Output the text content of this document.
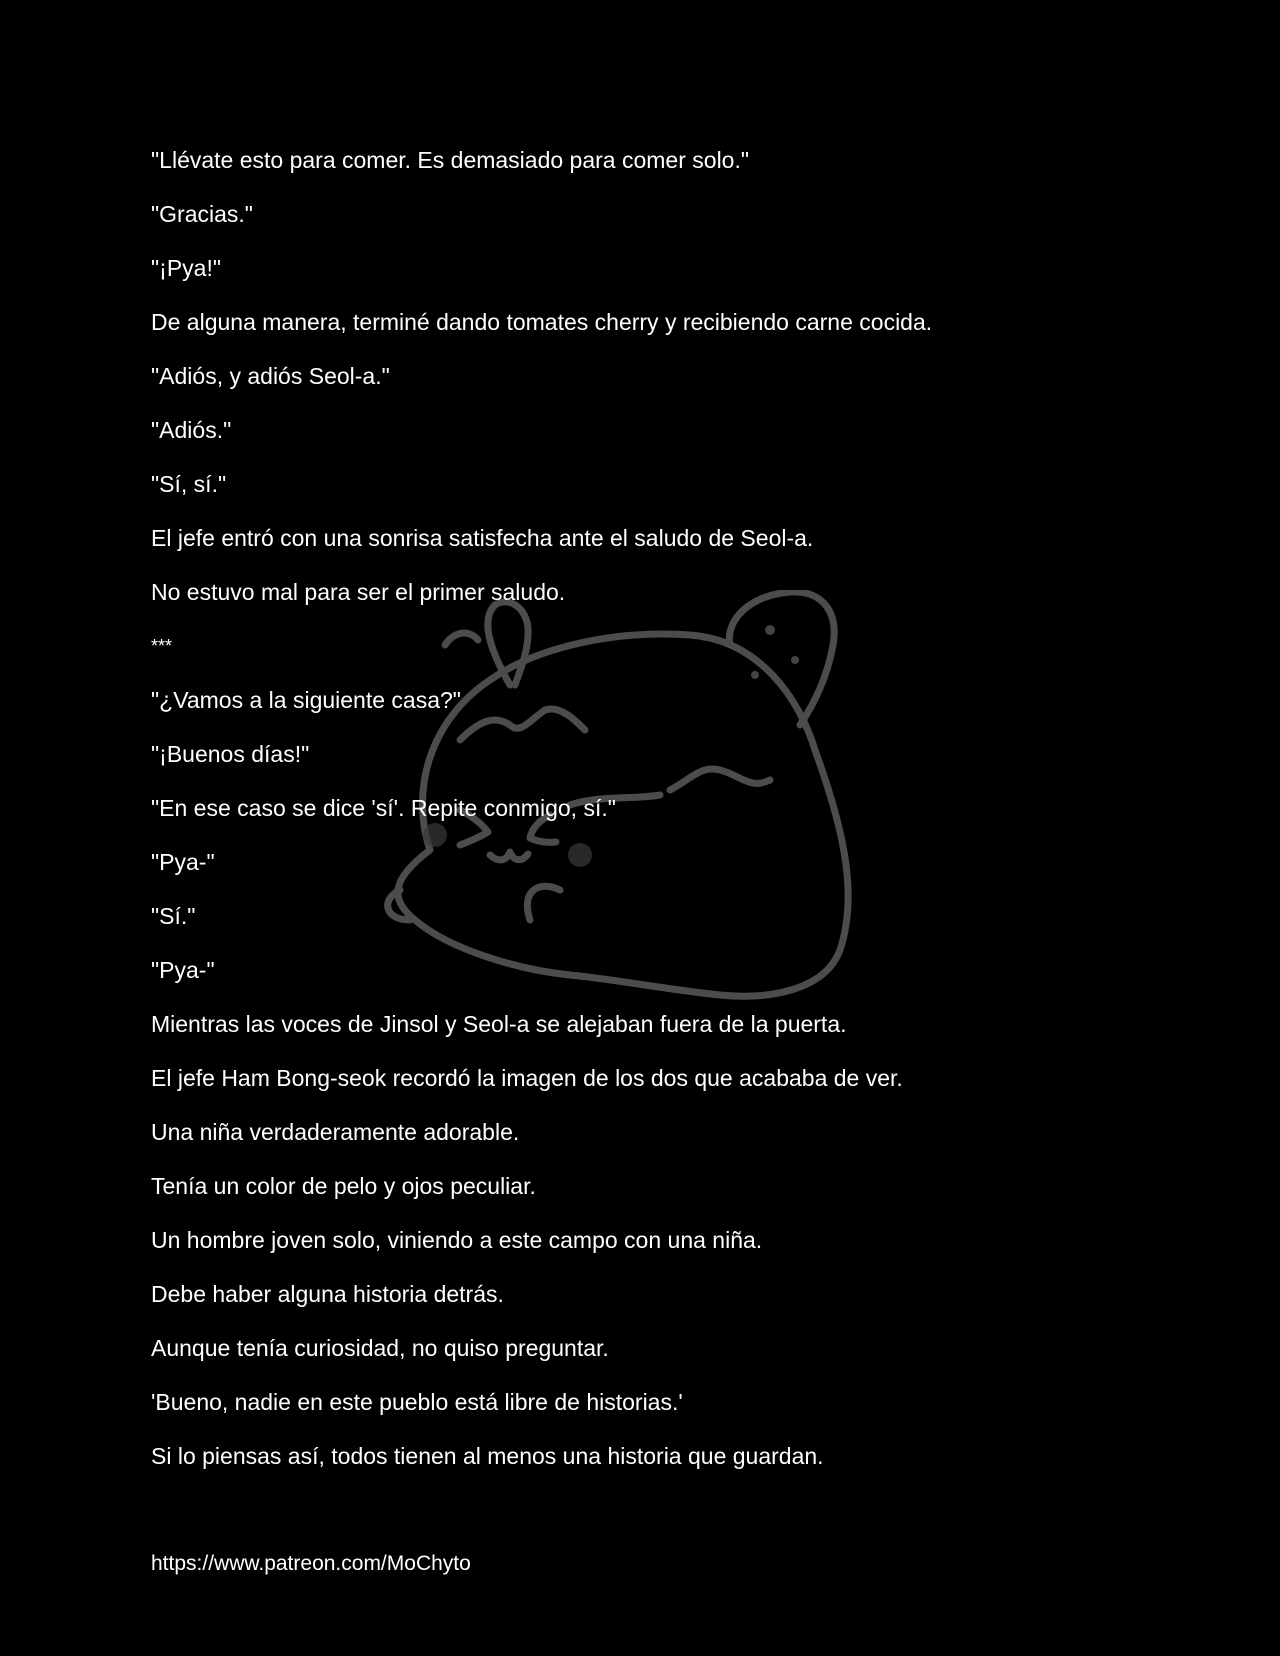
"Llévate esto para comer. Es demasiado para comer solo."

"Gracias."

"¡Pya!"

De alguna manera, terminé dando tomates cherry y recibiendo carne cocida.

"Adiós, y adiós Seol-a."

"Adiós."

"Sí, sí."

El jefe entró con una sonrisa satisfecha ante el saludo de Seol-a.

No estuvo mal para ser el primer saludo.

***

"¿Vamos a la siguiente casa?"

"¡Buenos días!"

"En ese caso se dice 'sí'. Repite conmigo, sí."

"Pya-"

"Sí."

"Pya-"

Mientras las voces de Jinsol y Seol-a se alejaban fuera de la puerta.

El jefe Ham Bong-seok recordó la imagen de los dos que acababa de ver.

Una niña verdaderamente adorable.

Tenía un color de pelo y ojos peculiar.

Un hombre joven solo, viniendo a este campo con una niña.

Debe haber alguna historia detrás.

Aunque tenía curiosidad, no quiso preguntar.

'Bueno, nadie en este pueblo está libre de historias.'

Si lo piensas así, todos tienen al menos una historia que guardan.

https://www.patreon.com/MoChyto
